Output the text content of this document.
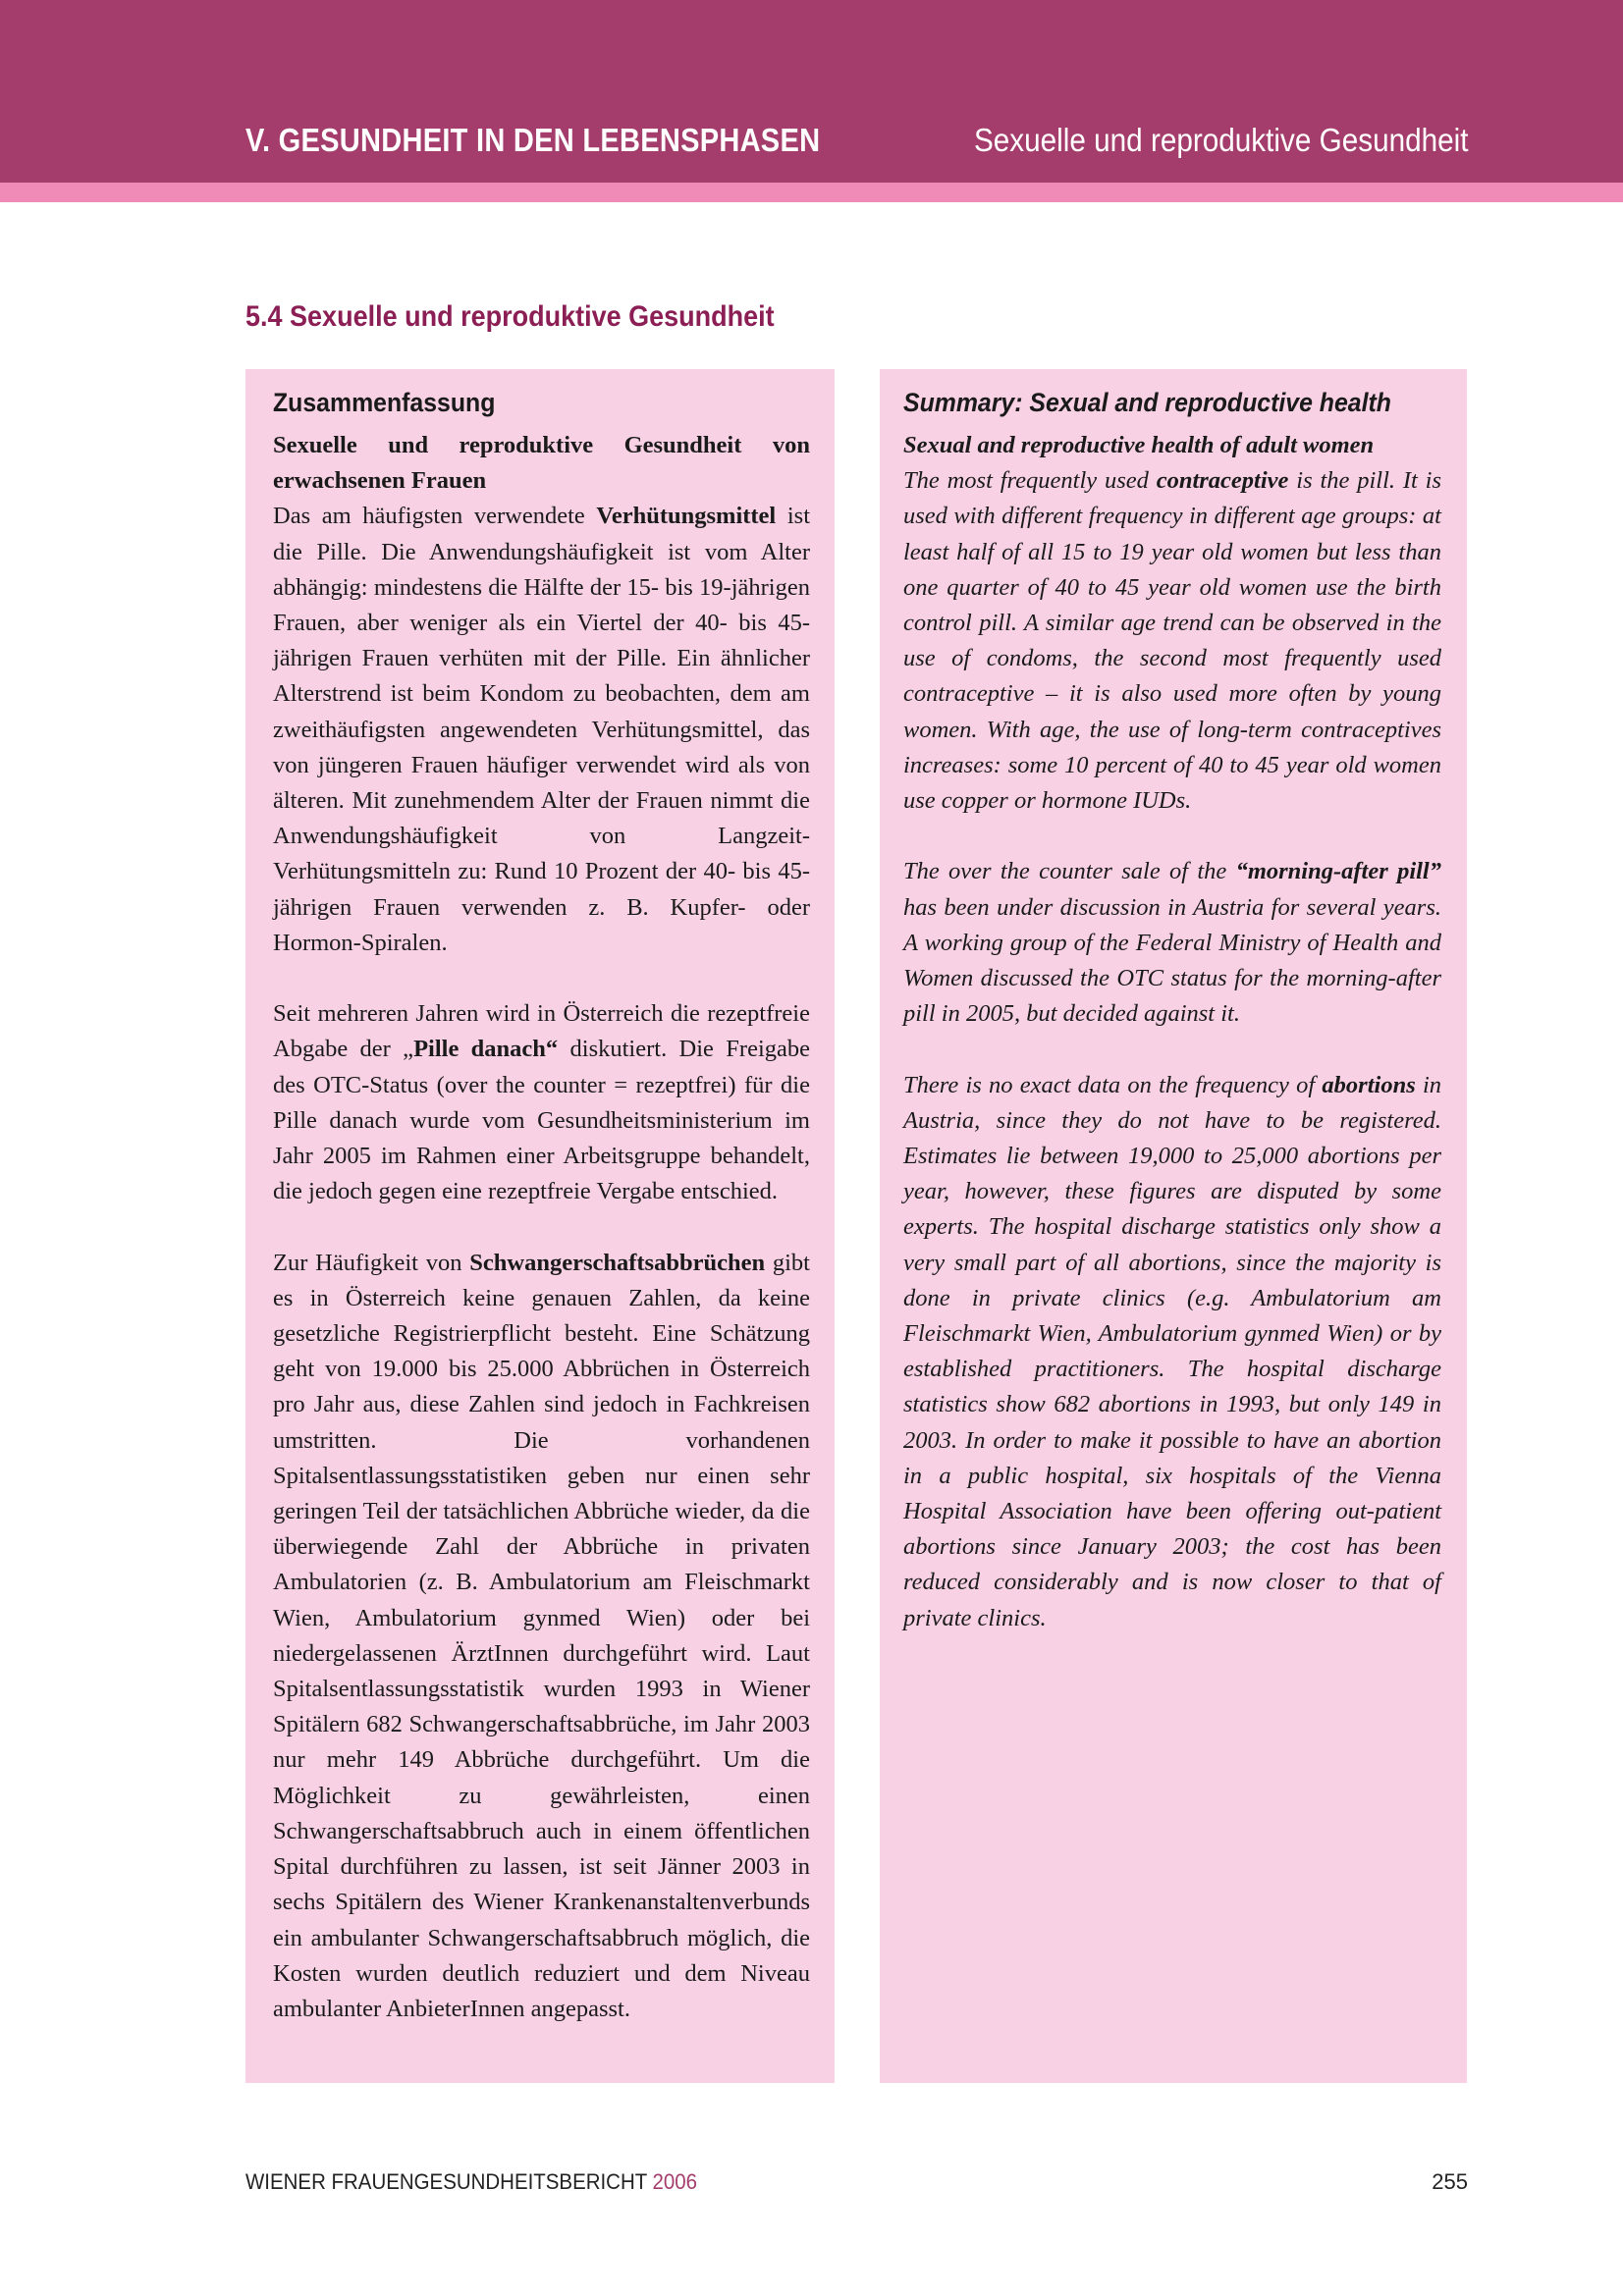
V. GESUNDHEIT IN DEN LEBENSPHASEN	Sexuelle und reproduktive Gesundheit
5.4 Sexuelle und reproduktive Gesundheit
Zusammenfassung

Sexuelle und reproduktive Gesundheit von erwachsenen Frauen
Das am häufigsten verwendete Verhütungsmittel ist die Pille. Die Anwendungshäufigkeit ist vom Alter abhängig: mindestens die Hälfte der 15- bis 19-jährigen Frauen, aber weniger als ein Viertel der 40- bis 45-jährigen Frauen verhüten mit der Pille. Ein ähnlicher Alterstrend ist beim Kondom zu beobachten, dem am zweithäufigsten angewendeten Verhütungsmittel, das von jüngeren Frauen häufiger verwendet wird als von älteren. Mit zunehmendem Alter der Frauen nimmt die Anwendungshäufigkeit von Langzeit-Verhütungsmitteln zu: Rund 10 Prozent der 40- bis 45-jährigen Frauen verwenden z. B. Kupfer- oder Hormon-Spiralen.

Seit mehreren Jahren wird in Österreich die rezeptfreie Abgabe der „Pille danach“ diskutiert. Die Freigabe des OTC-Status (over the counter = rezeptfrei) für die Pille danach wurde vom Gesundheitsministerium im Jahr 2005 im Rahmen einer Arbeitsgruppe behandelt, die jedoch gegen eine rezeptfreie Vergabe entschied.

Zur Häufigkeit von Schwangerschaftsabbrüchen gibt es in Österreich keine genauen Zahlen, da keine gesetzliche Registrierpflicht besteht. Eine Schätzung geht von 19.000 bis 25.000 Abbrüchen in Österreich pro Jahr aus, diese Zahlen sind jedoch in Fachkreisen umstritten. Die vorhandenen Spitalsentlassungsstatistiken geben nur einen sehr geringen Teil der tatsächlichen Abbrüche wieder, da die überwiegende Zahl der Abbrüche in privaten Ambulatorien (z. B. Ambulatorium am Fleischmarkt Wien, Ambulatorium gynmed Wien) oder bei niedergelassenen ÄrztInnen durchgeführt wird. Laut Spitalsentlassungsstatistik wurden 1993 in Wiener Spitälern 682 Schwangerschaftsabbrüche, im Jahr 2003 nur mehr 149 Abbrüche durchgeführt. Um die Möglichkeit zu gewährleisten, einen Schwangerschaftsabbruch auch in einem öffentlichen Spital durchführen zu lassen, ist seit Jänner 2003 in sechs Spitälern des Wiener Krankenanstaltenverbunds ein ambulanter Schwangerschaftsabbruch möglich, die Kosten wurden deutlich reduziert und dem Niveau ambulanter AnbieterInnen angepasst.

Summary: Sexual and reproductive health

Sexual and reproductive health of adult women
The most frequently used contraceptive is the pill. It is used with different frequency in different age groups: at least half of all 15 to 19 year old women but less than one quarter of 40 to 45 year old women use the birth control pill. A similar age trend can be observed in the use of condoms, the second most frequently used contraceptive – it is also used more often by young women. With age, the use of long-term contraceptives increases: some 10 percent of 40 to 45 year old women use copper or hormone IUDs.

The over the counter sale of the “morning-after pill” has been under discussion in Austria for several years. A working group of the Federal Ministry of Health and Women discussed the OTC status for the morning-after pill in 2005, but decided against it.

There is no exact data on the frequency of abortions in Austria, since they do not have to be registered. Estimates lie between 19,000 to 25,000 abortions per year, however, these figures are disputed by some experts. The hospital discharge statistics only show a very small part of all abortions, since the majority is done in private clinics (e.g. Ambulatorium am Fleischmarkt Wien, Ambulatorium gynmed Wien) or by established practitioners. The hospital discharge statistics show 682 abortions in 1993, but only 149 in 2003. In order to make it possible to have an abortion in a public hospital, six hospitals of the Vienna Hospital Association have been offering out-patient abortions since January 2003; the cost has been reduced considerably and is now closer to that of private clinics.

WIENER FRAUENGESUNDHEITSBERICHT 2006	255
